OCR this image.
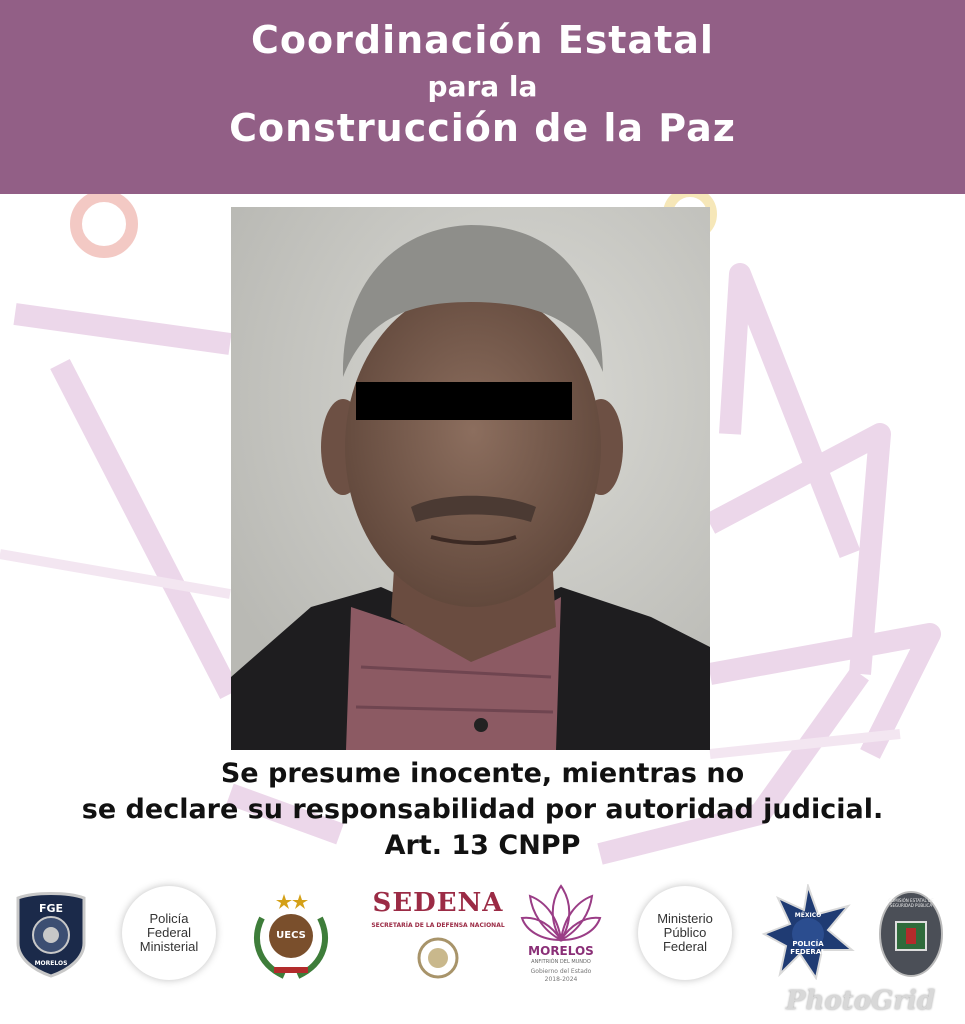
Coordinación Estatal
para la
Construcción de la Paz
Se presume inocente, mientras no
se declare su responsabilidad por autoridad judicial.
Art. 13 CNPP
FGE
MORELOS
Policía
Federal
Ministerial
UECS
SEDENA
SECRETARÍA DE LA DEFENSA NACIONAL
MORELOS
ANFITRIÓN DEL MUNDO
Gobierno del Estado
2018-2024
Ministerio
Público
Federal
MÉXICO
POLICÍA
FEDERAL
COMISIÓN ESTATAL DE SEGURIDAD PÚBLICA
PhotoGrid
